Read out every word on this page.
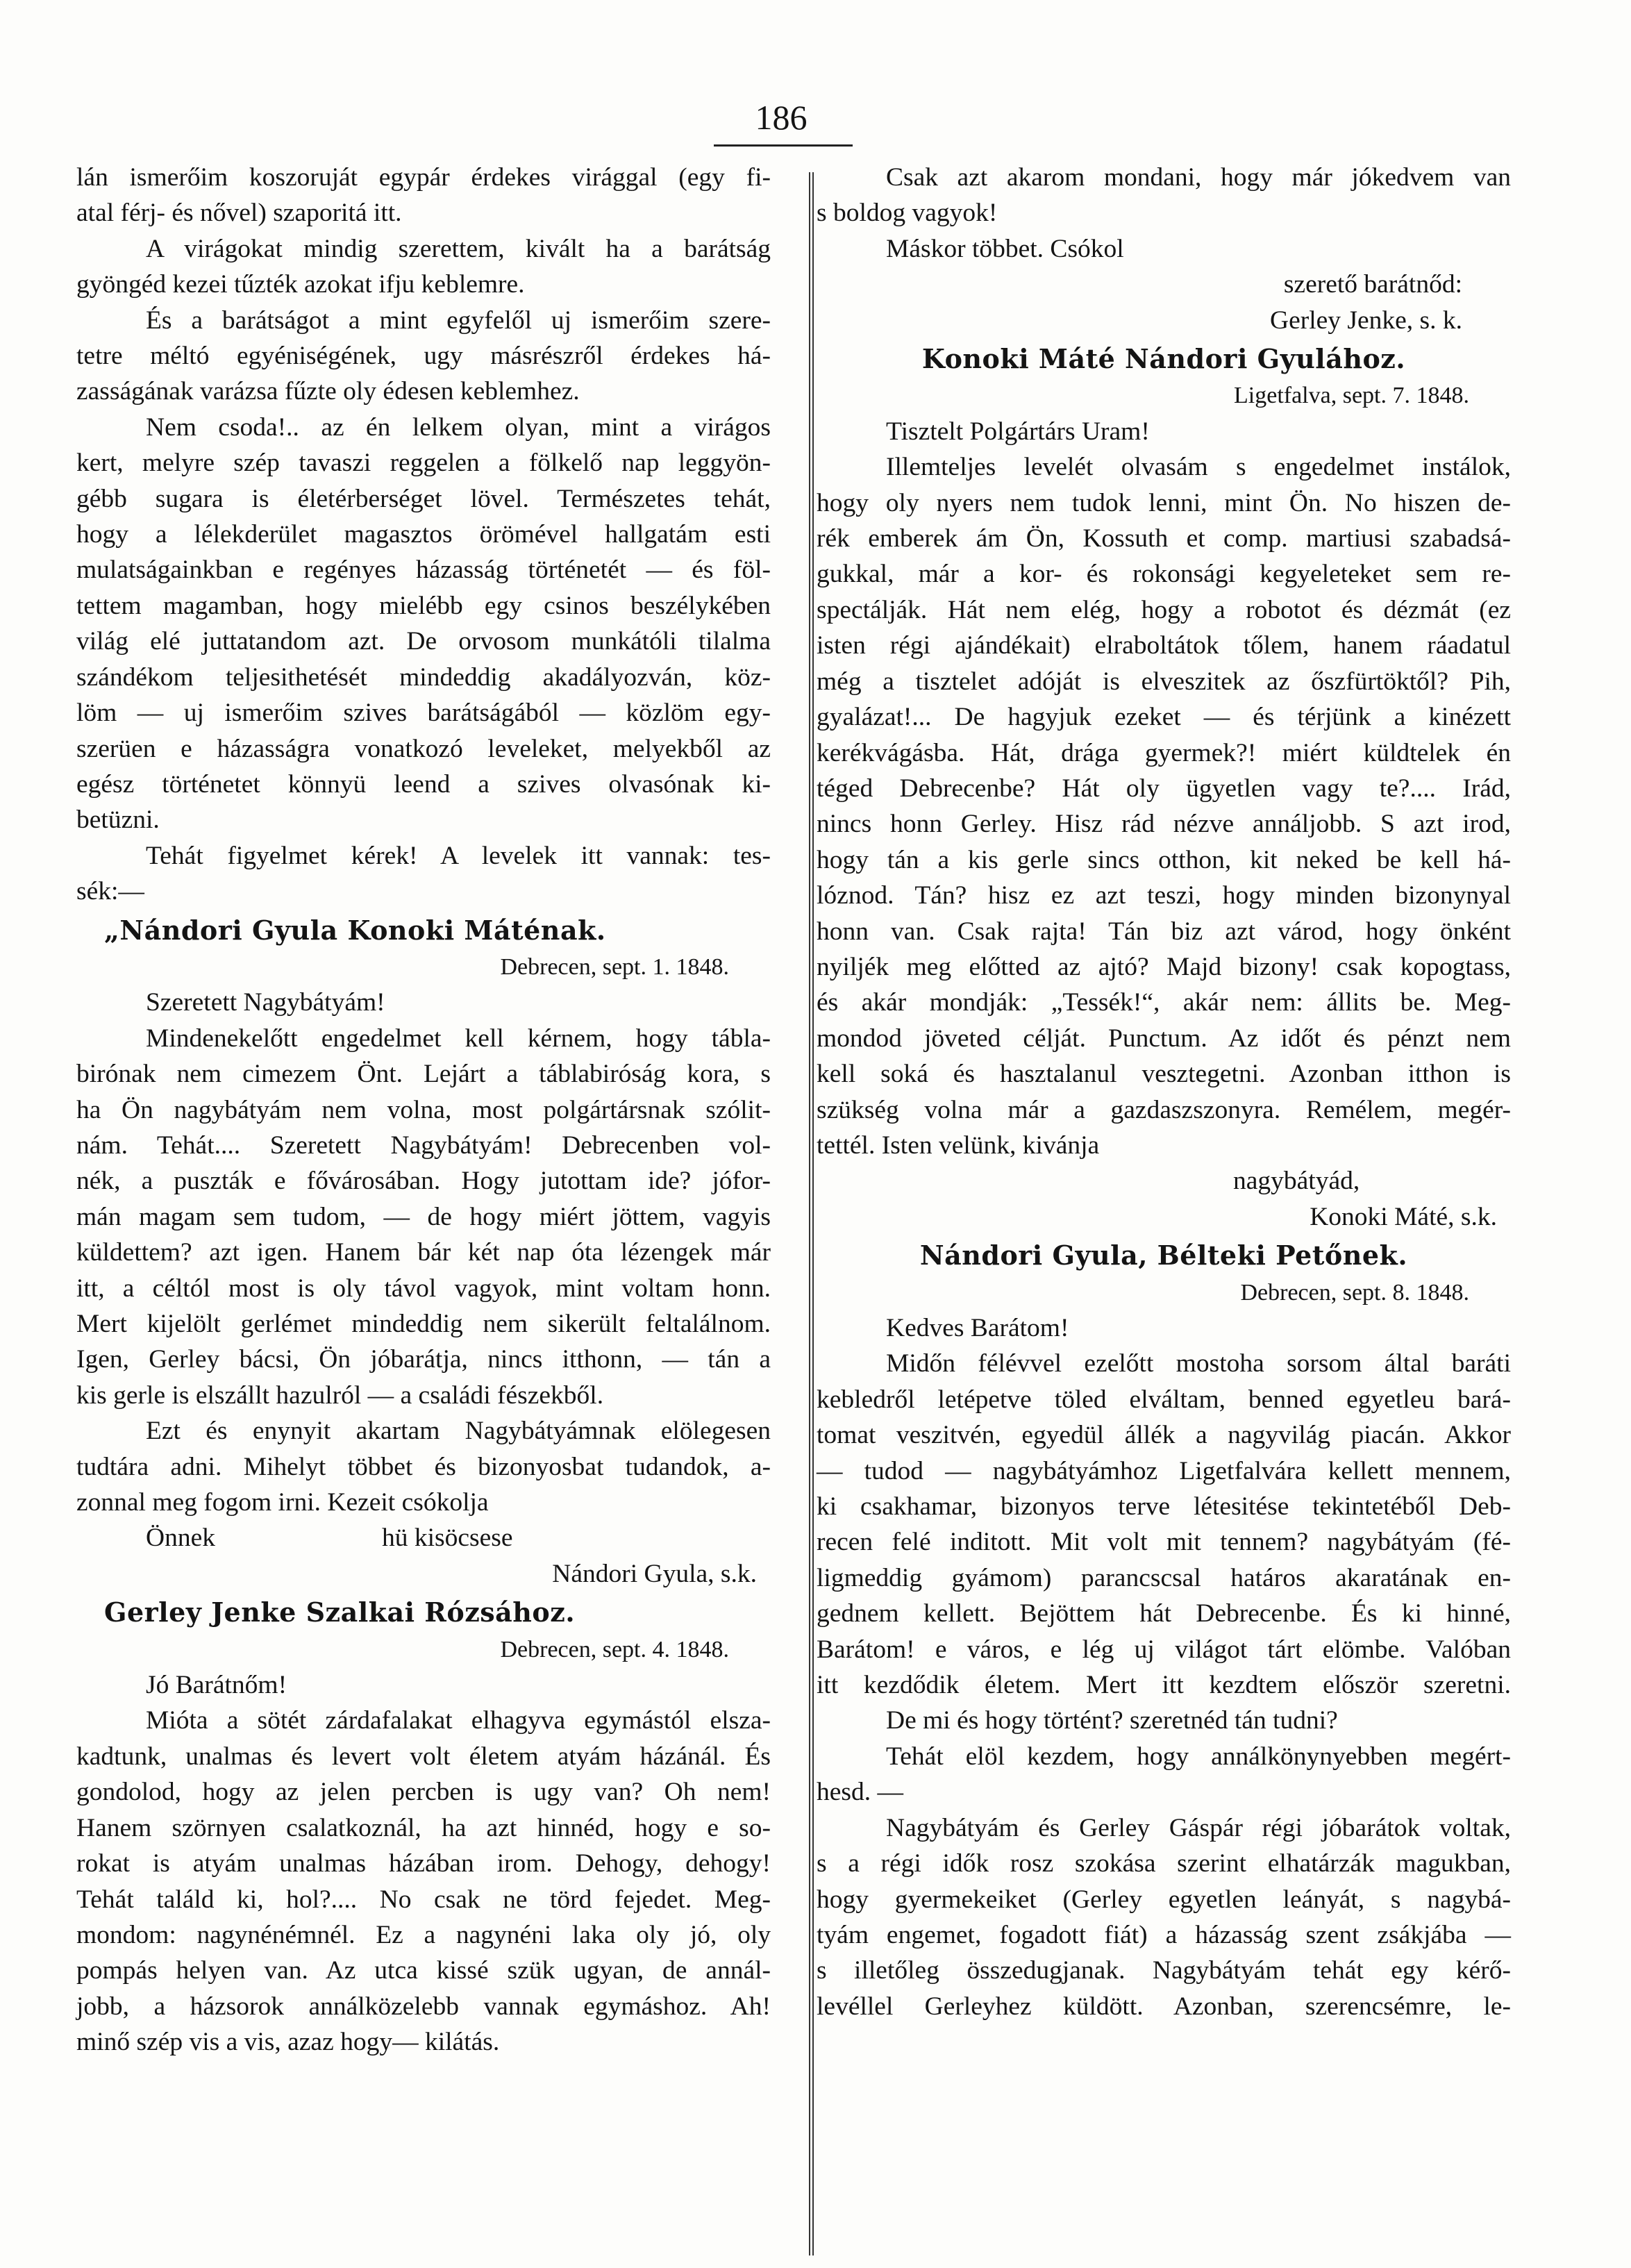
186
lán ismerőim koszoruját egypár érdekes virággal (egy fi-
atal férj- és nővel) szaporitá itt.
A virágokat mindig szerettem, kivált ha a barátság
gyöngéd kezei tűzték azokat ifju keblemre.
És a barátságot a mint egyfelől uj ismerőim szere-
tetre méltó egyéniségének, ugy másrészről érdekes há-
zasságának varázsa fűzte oly édesen keblemhez.
Nem csoda!.. az én lelkem olyan, mint a virágos
kert, melyre szép tavaszi reggelen a fölkelő nap leggyön-
gébb sugara is életérberséget lövel. Természetes tehát,
hogy a lélekderület magasztos örömével hallgatám esti
mulatságainkban e regényes házasság történetét — és föl-
tettem magamban, hogy mielébb egy csinos beszélykében
világ elé juttatandom azt. De orvosom munkátóli tilalma
szándékom teljesithetését mindeddig akadályozván, köz-
löm — uj ismerőim szives barátságából — közlöm egy-
szerüen e házasságra vonatkozó leveleket, melyekből az
egész történetet könnyü leend a szives olvasónak ki-
betüzni.
Tehát figyelmet kérek! A levelek itt vannak: tes-
sék:—
„Nándori Gyula Konoki Máténak.
Debrecen, sept. 1. 1848.
Szeretett Nagybátyám!
Mindenekelőtt engedelmet kell kérnem, hogy tábla-
birónak nem cimezem Önt. Lejárt a táblabiróság kora, s
ha Ön nagybátyám nem volna, most polgártársnak szólit-
nám. Tehát.... Szeretett Nagybátyám! Debrecenben vol-
nék, a puszták e fővárosában. Hogy jutottam ide? jófor-
mán magam sem tudom, — de hogy miért jöttem, vagyis
küldettem? azt igen. Hanem bár két nap óta lézengek már
itt, a céltól most is oly távol vagyok, mint voltam honn.
Mert kijelölt gerlémet mindeddig nem sikerült feltalálnom.
Igen, Gerley bácsi, Ön jóbarátja, nincs itthonn, — tán a
kis gerle is elszállt hazulról — a családi fészekből.
Ezt és enynyit akartam Nagybátyámnak elölegesen
tudtára adni. Mihelyt többet és bizonyosbat tudandok, a-
zonnal meg fogom irni. Kezeit csókolja
Önnek	hü kisöcsese
Nándori Gyula, s.k.
Gerley Jenke Szalkai Rózsához.
Debrecen, sept. 4. 1848.
Jó Barátnőm!
Mióta a sötét zárdafalakat elhagyva egymástól elsza-
kadtunk, unalmas és levert volt életem atyám házánál. És
gondolod, hogy az jelen percben is ugy van? Oh nem!
Hanem szörnyen csalatkoznál, ha azt hinnéd, hogy e so-
rokat is atyám unalmas házában irom. Dehogy, dehogy!
Tehát találd ki, hol?.... No csak ne törd fejedet. Meg-
mondom: nagynénémnél. Ez a nagynéni laka oly jó, oly
pompás helyen van. Az utca kissé szük ugyan, de annál-
jobb, a házsorok annálközelebb vannak egymáshoz. Ah!
minő szép vis a vis, azaz hogy— kilátás.
Csak azt akarom mondani, hogy már jókedvem van
s boldog vagyok!
Máskor többet. Csókol
szerető barátnőd:
Gerley Jenke, s. k.
Konoki Máté Nándori Gyulához.
Ligetfalva, sept. 7. 1848.
Tisztelt Polgártárs Uram!
Illemteljes levelét olvasám s engedelmet instálok,
hogy oly nyers nem tudok lenni, mint Ön. No hiszen de-
rék emberek ám Ön, Kossuth et comp. martiusi szabadsá-
gukkal, már a kor- és rokonsági kegyeleteket sem re-
spectálják. Hát nem elég, hogy a robotot és dézmát (ez
isten régi ajándékait) elraboltátok tőlem, hanem ráadatul
még a tisztelet adóját is elveszitek az őszfürtöktől? Pih,
gyalázat!... De hagyjuk ezeket — és térjünk a kinézett
kerékvágásba. Hát, drága gyermek?! miért küldtelek én
téged Debrecenbe? Hát oly ügyetlen vagy te?.... Irád,
nincs honn Gerley. Hisz rád nézve annáljobb. S azt irod,
hogy tán a kis gerle sincs otthon, kit neked be kell há-
lóznod. Tán? hisz ez azt teszi, hogy minden bizonynyal
honn van. Csak rajta! Tán biz azt várod, hogy önként
nyiljék meg előtted az ajtó? Majd bizony! csak kopogtass,
és akár mondják: „Tessék!“, akár nem: állits be. Meg-
mondod jöveted célját. Punctum. Az időt és pénzt nem
kell soká és hasztalanul vesztegetni. Azonban itthon is
szükség volna már a gazdaszszonyra. Remélem, megér-
tettél. Isten velünk, kivánja
nagybátyád,
Konoki Máté, s.k.
Nándori Gyula, Bélteki Petőnek.
Debrecen, sept. 8. 1848.
Kedves Barátom!
Midőn félévvel ezelőtt mostoha sorsom által baráti
kebledről letépetve töled elváltam, benned egyetleu bará-
tomat veszitvén, egyedül állék a nagyvilág piacán. Akkor
— tudod — nagybátyámhoz Ligetfalvára kellett mennem,
ki csakhamar, bizonyos terve létesitése tekintetéből Deb-
recen felé inditott. Mit volt mit tennem? nagybátyám (fé-
ligmeddig gyámom) parancscsal határos akaratának en-
gednem kellett. Bejöttem hát Debrecenbe. És ki hinné,
Barátom! e város, e lég uj világot tárt elömbe. Valóban
itt kezdődik életem. Mert itt kezdtem először szeretni.
De mi és hogy történt? szeretnéd tán tudni?
Tehát elöl kezdem, hogy annálkönynyebben megért-
hesd. —
Nagybátyám és Gerley Gáspár régi jóbarátok voltak,
s a régi idők rosz szokása szerint elhatárzák magukban,
hogy gyermekeiket (Gerley egyetlen leányát, s nagybá-
tyám engemet, fogadott fiát) a házasság szent zsákjába —
s illetőleg összedugjanak. Nagybátyám tehát egy kérő-
levéllel Gerleyhez küldött. Azonban, szerencsémre, le-
